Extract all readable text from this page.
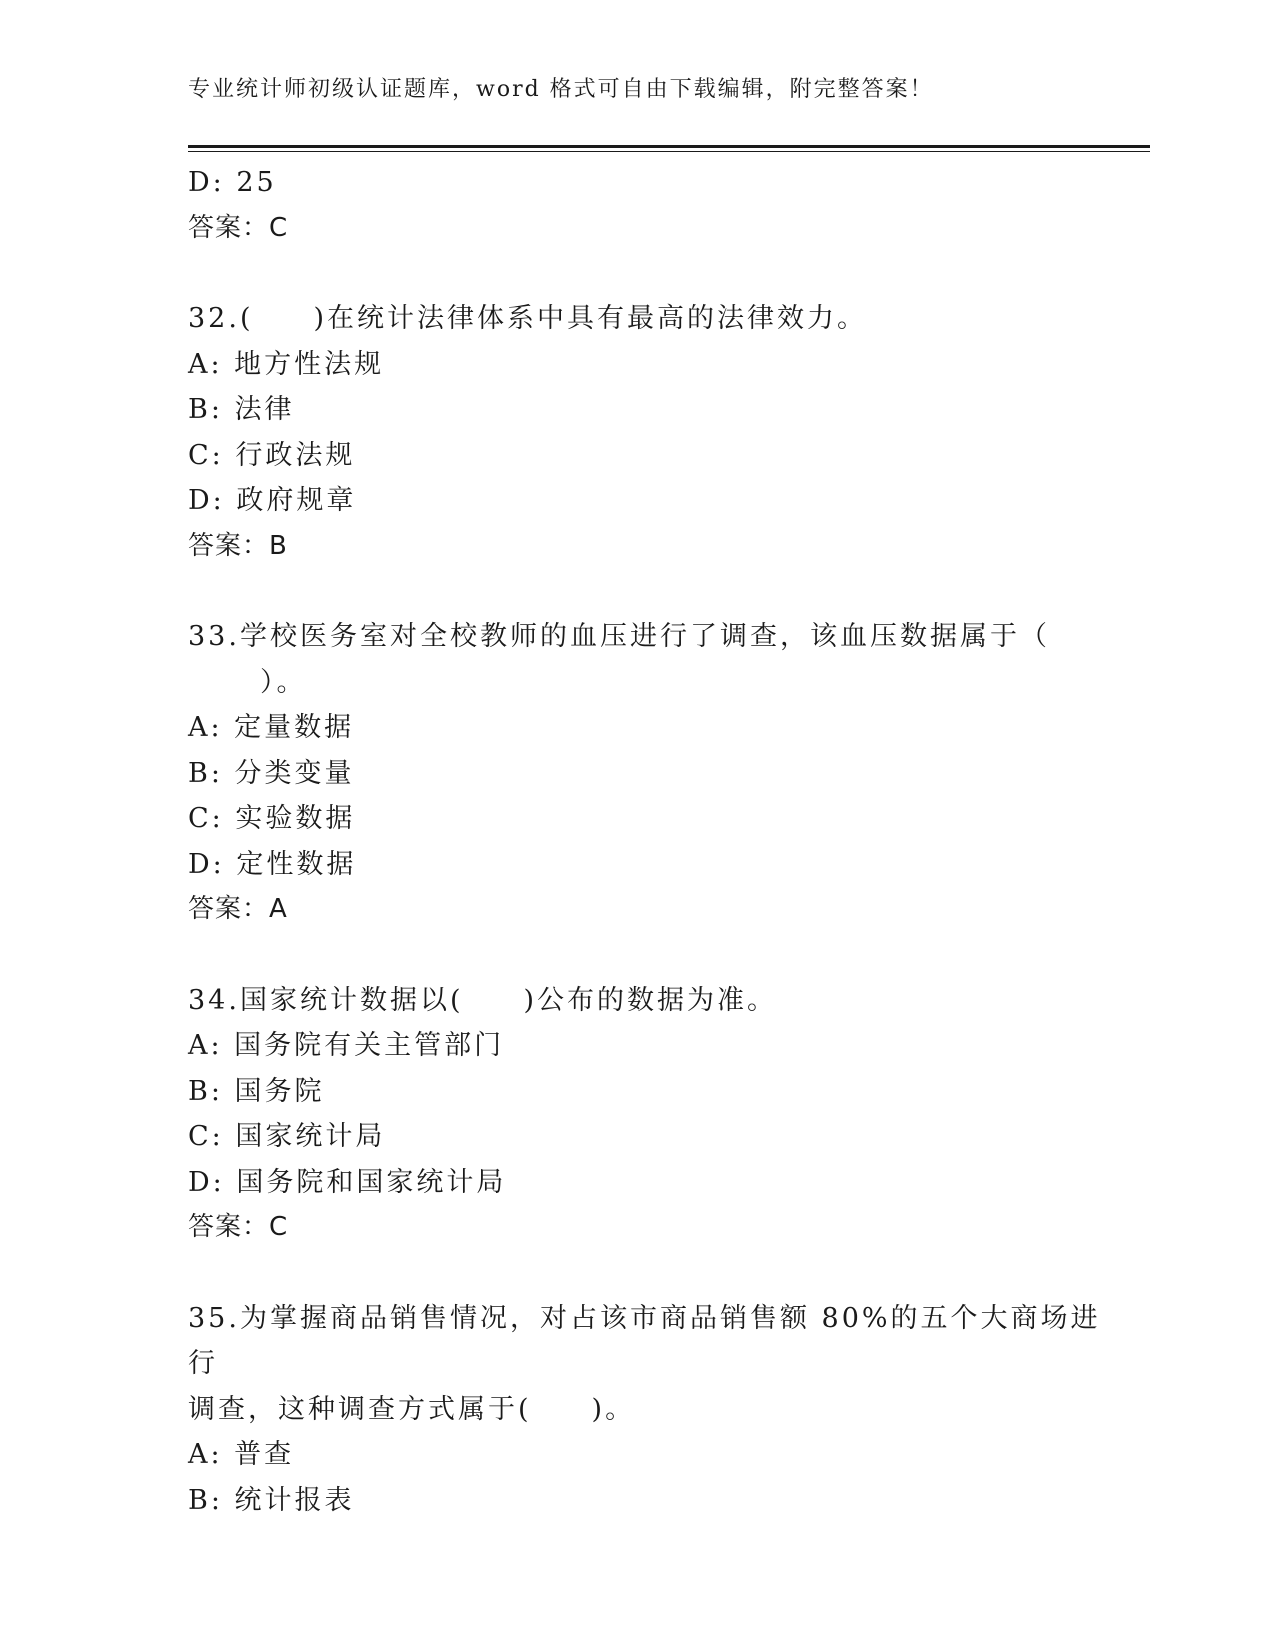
专业统计师初级认证题库，word 格式可自由下载编辑，附完整答案！
D: 25
答案：C
32.(　　)在统计法律体系中具有最高的法律效力。
A: 地方性法规
B: 法律
C: 行政法规
D: 政府规章
答案：B
33.学校医务室对全校教师的血压进行了调查，该血压数据属于（
）。
A: 定量数据
B: 分类变量
C: 实验数据
D: 定性数据
答案：A
34.国家统计数据以(　　)公布的数据为准。
A: 国务院有关主管部门
B: 国务院
C: 国家统计局
D: 国务院和国家统计局
答案：C
35.为掌握商品销售情况，对占该市商品销售额 80%的五个大商场进行
调查，这种调查方式属于(　　)。
A: 普查
B: 统计报表
